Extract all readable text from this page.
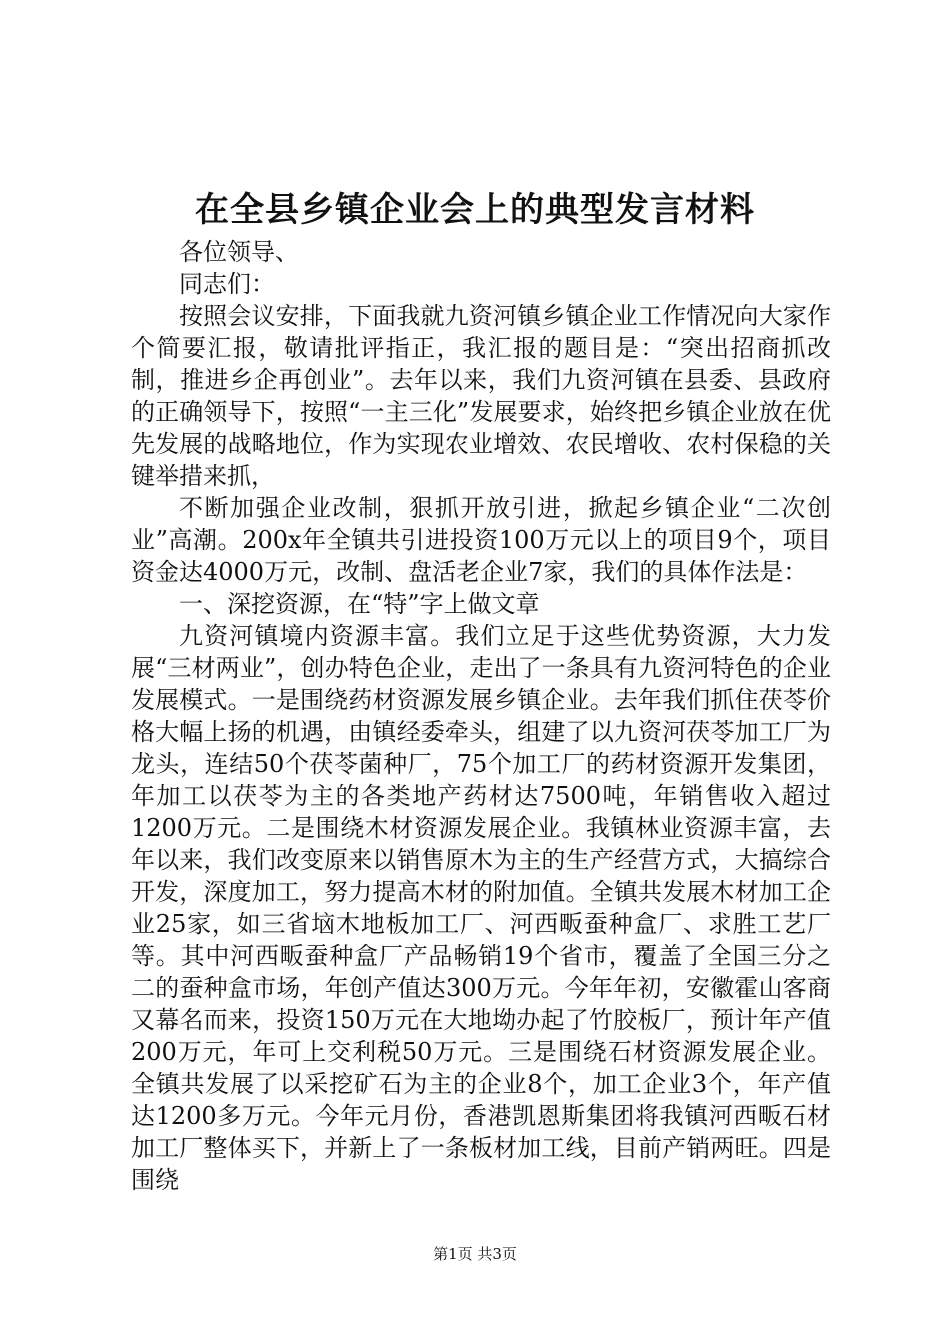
在全县乡镇企业会上的典型发言材料

各位领导、

同志们：

按照会议安排，下面我就九资河镇乡镇企业工作情况向大家作个简要汇报，敬请批评指正，我汇报的题目是：“突出招商抓改制，推进乡企再创业”。去年以来，我们九资河镇在县委、县政府的正确领导下，按照“一主三化”发展要求，始终把乡镇企业放在优先发展的战略地位，作为实现农业增效、农民增收、农村保稳的关键举措来抓，

不断加强企业改制，狠抓开放引进，掀起乡镇企业“二次创业”高潮。200x年全镇共引进投资100万元以上的项目9个，项目资金达4000万元，改制、盘活老企业7家，我们的具体作法是：

一、深挖资源，在“特”字上做文章

九资河镇境内资源丰富。我们立足于这些优势资源，大力发展“三材两业”，创办特色企业，走出了一条具有九资河特色的企业发展模式。一是围绕药材资源发展乡镇企业。去年我们抓住茯苓价格大幅上扬的机遇，由镇经委牵头，组建了以九资河茯苓加工厂为龙头，连结50个茯苓菌种厂，75个加工厂的药材资源开发集团，年加工以茯苓为主的各类地产药材达7500吨，年销售收入超过1200万元。二是围绕木材资源发展企业。我镇林业资源丰富，去年以来，我们改变原来以销售原木为主的生产经营方式，大搞综合开发，深度加工，努力提高木材的附加值。全镇共发展木材加工企业25家，如三省垴木地板加工厂、河西畈蚕种盒厂、求胜工艺厂等。其中河西畈蚕种盒厂产品畅销19个省市，覆盖了全国三分之二的蚕种盒市场，年创产值达300万元。今年年初，安徽霍山客商又幕名而来，投资150万元在大地坳办起了竹胶板厂，预计年产值200万元，年可上交利税50万元。三是围绕石材资源发展企业。全镇共发展了以采挖矿石为主的企业8个，加工企业3个，年产值达1200多万元。今年元月份，香港凯恩斯集团将我镇河西畈石材加工厂整体买下，并新上了一条板材加工线，目前产销两旺。四是围绕

第1页 共3页
